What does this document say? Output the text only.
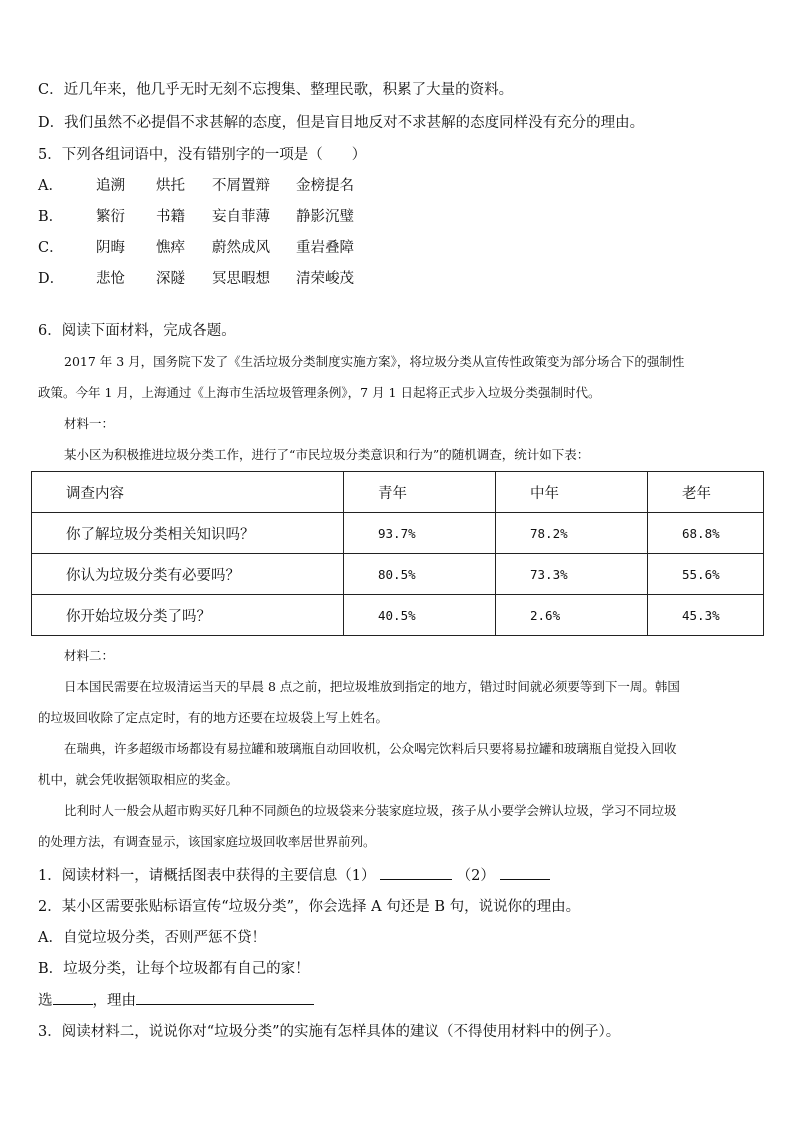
C．近几年来，他几乎无时无刻不忘搜集、整理民歌，积累了大量的资料。
D．我们虽然不必提倡不求甚解的态度，但是盲目地反对不求甚解的态度同样没有充分的理由。
5．下列各组词语中，没有错别字的一项是（　　）
A． 追溯 烘托 不屑置辩 金榜提名
B． 繁衍 书籍 妄自菲薄 静影沉璧
C． 阴晦 憔瘁 蔚然成风 重岩叠障
D． 悲怆 深隧 冥思暇想 清荣峻茂
6．阅读下面材料，完成各题。
2017 年 3 月，国务院下发了《生活垃圾分类制度实施方案》，将垃圾分类从宣传性政策变为部分场合下的强制性
政策。今年 1 月，上海通过《上海市生活垃圾管理条例》，7 月 1 日起将正式步入垃圾分类强制时代。
材料一：
某小区为积极推进垃圾分类工作，进行了“市民垃圾分类意识和行为”的随机调查，统计如下表：
调查内容	青年	中年	老年
你了解垃圾分类相关知识吗？	93.7%	78.2%	68.8%
你认为垃圾分类有必要吗？	80.5%	73.3%	55.6%
你开始垃圾分类了吗？	40.5%	2.6%	45.3%
材料二：
日本国民需要在垃圾清运当天的早晨 8 点之前，把垃圾堆放到指定的地方，错过时间就必须要等到下一周。韩国
的垃圾回收除了定点定时，有的地方还要在垃圾袋上写上姓名。
在瑞典，许多超级市场都设有易拉罐和玻璃瓶自动回收机，公众喝完饮料后只要将易拉罐和玻璃瓶自觉投入回收
机中，就会凭收据领取相应的奖金。
比利时人一般会从超市购买好几种不同颜色的垃圾袋来分装家庭垃圾，孩子从小要学会辨认垃圾，学习不同垃圾
的处理方法，有调查显示，该国家庭垃圾回收率居世界前列。
1．阅读材料一，请概括图表中获得的主要信息（1）	（2）
2．某小区需要张贴标语宣传“垃圾分类”，你会选择 A 句还是 B 句，说说你的理由。
A．自觉垃圾分类，否则严惩不贷！
B．垃圾分类，让每个垃圾都有自己的家！
选	，理由
3．阅读材料二，说说你对“垃圾分类”的实施有怎样具体的建议（不得使用材料中的例子）。
